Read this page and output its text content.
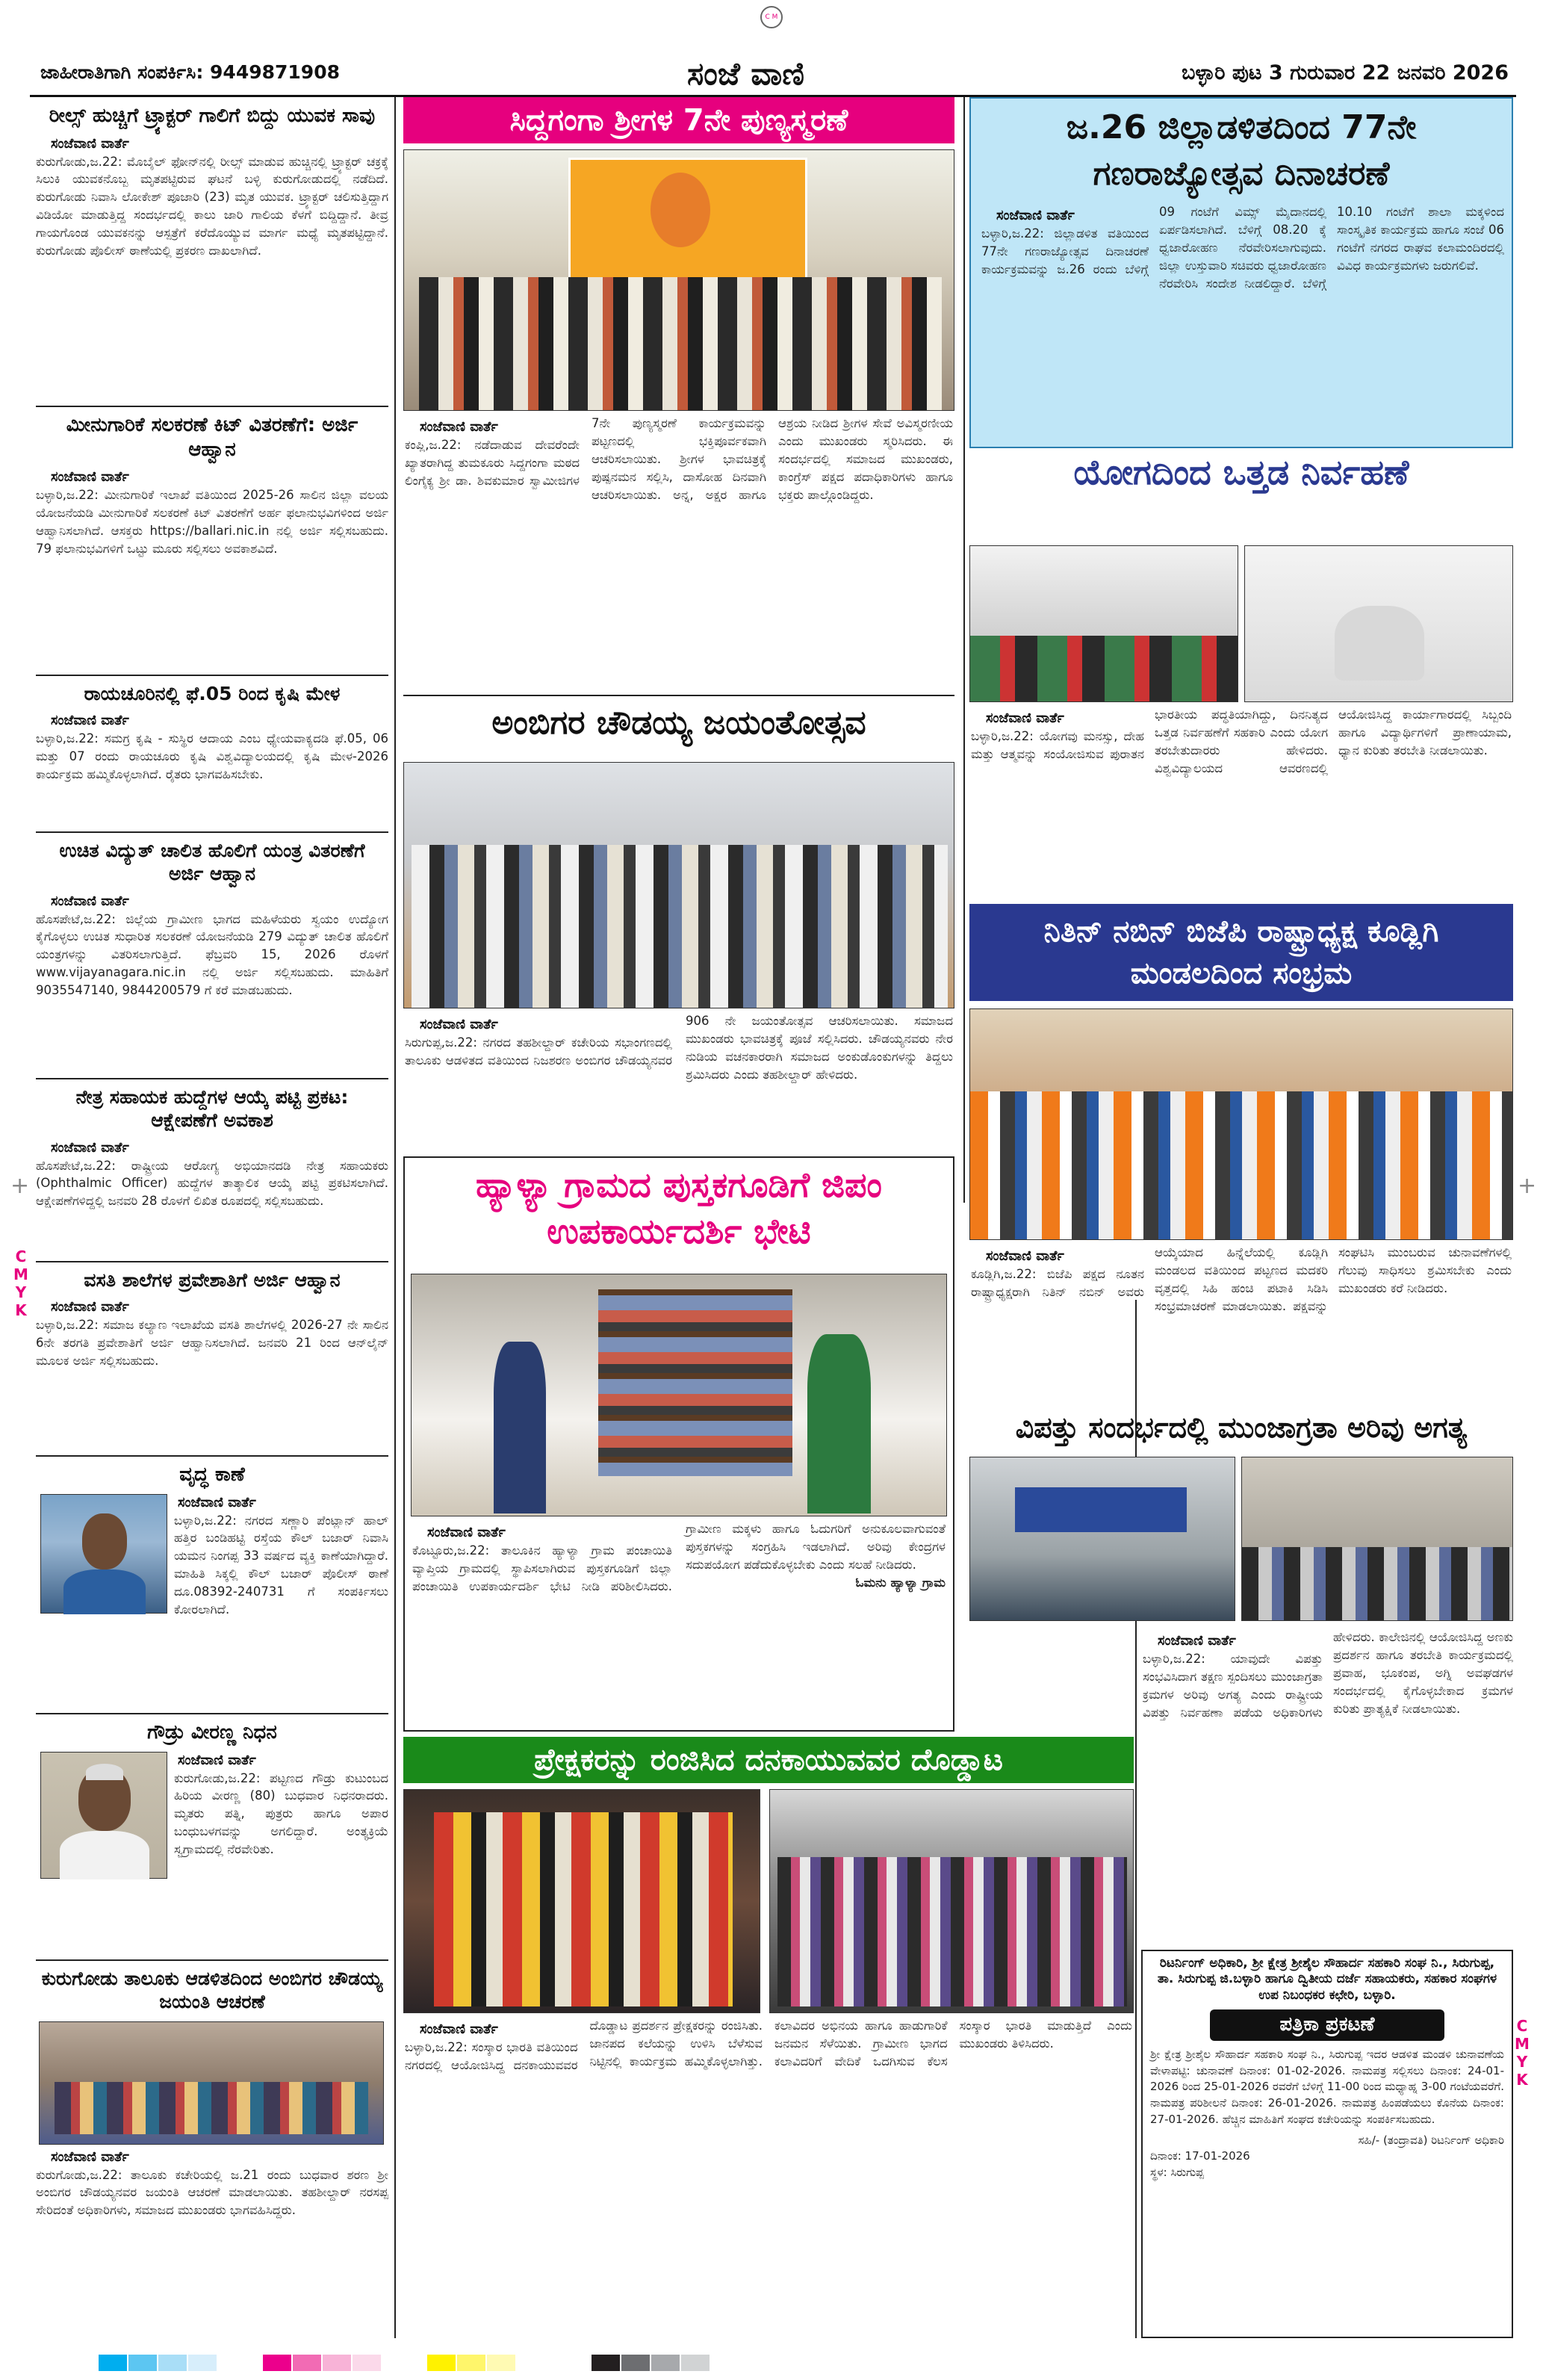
C M

ಜಾಹೀರಾತಿಗಾಗಿ ಸಂಪರ್ಕಿಸಿ: 9449871908	ಸಂಜೆ ವಾಣಿ	ಬಳ್ಳಾರಿ ಪುಟ 3 ಗುರುವಾರ 22 ಜನವರಿ 2026
ರೀಲ್ಸ್ ಹುಚ್ಚಿಗೆ ಟ್ರ್ಯಾಕ್ಟರ್ ಗಾಲಿಗೆ ಬಿದ್ದು ಯುವಕ ಸಾವು
ಸಂಜೆವಾಣಿ ವಾರ್ತೆ
ಕುರುಗೋಡು,ಜ.22: ಮೊಬೈಲ್ ಫೋನ್‌ನಲ್ಲಿ ರೀಲ್ಸ್ ಮಾಡುವ ಹುಚ್ಚಿನಲ್ಲಿ ಟ್ರ್ಯಾಕ್ಟರ್ ಚಕ್ರಕ್ಕೆ ಸಿಲುಕಿ ಯುವಕನೊಬ್ಬ ಮೃತಪಟ್ಟಿರುವ ಘಟನೆ ಬಳ್ಳಿ ಕುರುಗೋಡುದಲ್ಲಿ ನಡೆದಿದೆ. ಕುರುಗೋಡು ನಿವಾಸಿ ಲೋಕೇಶ್ ಪೂಜಾರಿ (23) ಮೃತ ಯುವಕ. ಟ್ರ್ಯಾಕ್ಟರ್ ಚಲಿಸುತ್ತಿದ್ದಾಗ ವಿಡಿಯೋ ಮಾಡುತ್ತಿದ್ದ ಸಂದರ್ಭದಲ್ಲಿ ಕಾಲು ಜಾರಿ ಗಾಲಿಯ ಕೆಳಗೆ ಬಿದ್ದಿದ್ದಾನೆ. ತೀವ್ರ ಗಾಯಗೊಂಡ ಯುವಕನನ್ನು ಆಸ್ಪತ್ರೆಗೆ ಕರೆದೊಯ್ಯುವ ಮಾರ್ಗ ಮಧ್ಯೆ ಮೃತಪಟ್ಟಿದ್ದಾನೆ. ಕುರುಗೋಡು ಪೊಲೀಸ್ ಠಾಣೆಯಲ್ಲಿ ಪ್ರಕರಣ ದಾಖಲಾಗಿದೆ.
ಮೀನುಗಾರಿಕೆ ಸಲಕರಣೆ ಕಿಟ್ ವಿತರಣೆಗೆ: ಅರ್ಜಿ ಆಹ್ವಾನ
ಸಂಜೆವಾಣಿ ವಾರ್ತೆ
ಬಳ್ಳಾರಿ,ಜ.22: ಮೀನುಗಾರಿಕೆ ಇಲಾಖೆ ವತಿಯಿಂದ 2025-26 ಸಾಲಿನ ಜಿಲ್ಲಾ ವಲಯ ಯೋಜನೆಯಡಿ ಮೀನುಗಾರಿಕೆ ಸಲಕರಣೆ ಕಿಟ್ ವಿತರಣೆಗೆ ಅರ್ಹ ಫಲಾನುಭವಿಗಳಿಂದ ಅರ್ಜಿ ಆಹ್ವಾನಿಸಲಾಗಿದೆ. ಆಸಕ್ತರು https://ballari.nic.in ನಲ್ಲಿ ಅರ್ಜಿ ಸಲ್ಲಿಸಬಹುದು. 79 ಫಲಾನುಭವಿಗಳಿಗೆ ಒಟ್ಟು ಮೂರು ಸಲ್ಲಿಸಲು ಅವಕಾಶವಿದೆ.
ರಾಯಚೂರಿನಲ್ಲಿ ಫೆ.05 ರಿಂದ ಕೃಷಿ ಮೇಳ
ಸಂಜೆವಾಣಿ ವಾರ್ತೆ
ಬಳ್ಳಾರಿ,ಜ.22: ಸಮಗ್ರ ಕೃಷಿ - ಸುಸ್ಥಿರ ಆದಾಯ ಎಂಬ ಧ್ಯೇಯವಾಕ್ಯದಡಿ ಫೆ.05, 06 ಮತ್ತು 07 ರಂದು ರಾಯಚೂರು ಕೃಷಿ ವಿಶ್ವವಿದ್ಯಾಲಯದಲ್ಲಿ ಕೃಷಿ ಮೇಳ-2026 ಕಾರ್ಯಕ್ರಮ ಹಮ್ಮಿಕೊಳ್ಳಲಾಗಿದೆ. ರೈತರು ಭಾಗವಹಿಸಬೇಕು.
ಉಚಿತ ವಿದ್ಯುತ್ ಚಾಲಿತ ಹೊಲಿಗೆ ಯಂತ್ರ ವಿತರಣೆಗೆ ಅರ್ಜಿ ಆಹ್ವಾನ
ಸಂಜೆವಾಣಿ ವಾರ್ತೆ
ಹೊಸಪೇಟೆ,ಜ.22: ಜಿಲ್ಲೆಯ ಗ್ರಾಮೀಣ ಭಾಗದ ಮಹಿಳೆಯರು ಸ್ವಯಂ ಉದ್ಯೋಗ ಕೈಗೊಳ್ಳಲು ಉಚಿತ ಸುಧಾರಿತ ಸಲಕರಣೆ ಯೋಜನೆಯಡಿ 279 ವಿದ್ಯುತ್ ಚಾಲಿತ ಹೊಲಿಗೆ ಯಂತ್ರಗಳನ್ನು ವಿತರಿಸಲಾಗುತ್ತಿದೆ. ಫೆಬ್ರವರಿ 15, 2026 ರೊಳಗೆ www.vijayanagara.nic.in ನಲ್ಲಿ ಅರ್ಜಿ ಸಲ್ಲಿಸಬಹುದು. ಮಾಹಿತಿಗೆ 9035547140, 9844200579 ಗೆ ಕರೆ ಮಾಡಬಹುದು.
ನೇತ್ರ ಸಹಾಯಕ ಹುದ್ದೆಗಳ ಆಯ್ಕೆ ಪಟ್ಟಿ ಪ್ರಕಟ: ಆಕ್ಷೇಪಣೆಗೆ ಅವಕಾಶ
ಸಂಜೆವಾಣಿ ವಾರ್ತೆ
ಹೊಸಪೇಟೆ,ಜ.22: ರಾಷ್ಟ್ರೀಯ ಆರೋಗ್ಯ ಅಭಿಯಾನದಡಿ ನೇತ್ರ ಸಹಾಯಕರು (Ophthalmic Officer) ಹುದ್ದೆಗಳ ತಾತ್ಕಾಲಿಕ ಆಯ್ಕೆ ಪಟ್ಟಿ ಪ್ರಕಟಿಸಲಾಗಿದೆ. ಆಕ್ಷೇಪಣೆಗಳಿದ್ದಲ್ಲಿ ಜನವರಿ 28 ರೊಳಗೆ ಲಿಖಿತ ರೂಪದಲ್ಲಿ ಸಲ್ಲಿಸಬಹುದು.
ವಸತಿ ಶಾಲೆಗಳ ಪ್ರವೇಶಾತಿಗೆ ಅರ್ಜಿ ಆಹ್ವಾನ
ಸಂಜೆವಾಣಿ ವಾರ್ತೆ
ಬಳ್ಳಾರಿ,ಜ.22: ಸಮಾಜ ಕಲ್ಯಾಣ ಇಲಾಖೆಯ ವಸತಿ ಶಾಲೆಗಳಲ್ಲಿ 2026-27 ನೇ ಸಾಲಿನ 6ನೇ ತರಗತಿ ಪ್ರವೇಶಾತಿಗೆ ಅರ್ಜಿ ಆಹ್ವಾನಿಸಲಾಗಿದೆ. ಜನವರಿ 21 ರಿಂದ ಆನ್‌ಲೈನ್ ಮೂಲಕ ಅರ್ಜಿ ಸಲ್ಲಿಸಬಹುದು.
ವೃದ್ಧ ಕಾಣೆ
ಸಂಜೆವಾಣಿ ವಾರ್ತೆ
ಬಳ್ಳಾರಿ,ಜ.22: ನಗರದ ಸಣ್ಣಾರಿ ಪೆಂಟ್ಲಾನ್ ಹಾಲ್ ಹತ್ತಿರ ಬಂಡಿಹಟ್ಟಿ ರಸ್ತೆಯ ಕೌಲ್ ಬಜಾರ್ ನಿವಾಸಿ ಯಮನ ನಿಂಗಪ್ಪ 33 ವರ್ಷದ ವ್ಯಕ್ತಿ ಕಾಣೆಯಾಗಿದ್ದಾರೆ. ಮಾಹಿತಿ ಸಿಕ್ಕಲ್ಲಿ ಕೌಲ್ ಬಜಾರ್ ಪೊಲೀಸ್ ಠಾಣೆ ದೂ.08392-240731 ಗೆ ಸಂಪರ್ಕಿಸಲು ಕೋರಲಾಗಿದೆ.
ಗೌಡ್ರು ವೀರಣ್ಣ ನಿಧನ
ಸಂಜೆವಾಣಿ ವಾರ್ತೆ
ಕುರುಗೋಡು,ಜ.22: ಪಟ್ಟಣದ ಗೌಡ್ರು ಕುಟುಂಬದ ಹಿರಿಯ ವೀರಣ್ಣ (80) ಬುಧವಾರ ನಿಧನರಾದರು. ಮೃತರು ಪತ್ನಿ, ಪುತ್ರರು ಹಾಗೂ ಅಪಾರ ಬಂಧುಬಳಗವನ್ನು ಅಗಲಿದ್ದಾರೆ. ಅಂತ್ಯಕ್ರಿಯೆ ಸ್ವಗ್ರಾಮದಲ್ಲಿ ನೆರವೇರಿತು.
ಕುರುಗೋಡು ತಾಲೂಕು ಆಡಳಿತದಿಂದ ಅಂಬಿಗರ ಚೌಡಯ್ಯ ಜಯಂತಿ ಆಚರಣೆ
ಸಂಜೆವಾಣಿ ವಾರ್ತೆ
ಕುರುಗೋಡು,ಜ.22: ತಾಲೂಕು ಕಚೇರಿಯಲ್ಲಿ ಜ.21 ರಂದು ಬುಧವಾರ ಶರಣ ಶ್ರೀ ಅಂಬಿಗರ ಚೌಡಯ್ಯನವರ ಜಯಂತಿ ಆಚರಣೆ ಮಾಡಲಾಯಿತು. ತಹಶೀಲ್ದಾರ್ ನರಸಪ್ಪ ಸೇರಿದಂತೆ ಅಧಿಕಾರಿಗಳು, ಸಮಾಜದ ಮುಖಂಡರು ಭಾಗವಹಿಸಿದ್ದರು.
ಸಿದ್ದಗಂಗಾ ಶ್ರೀಗಳ 7ನೇ ಪುಣ್ಯಸ್ಮರಣೆ
ಸಂಜೆವಾಣಿ ವಾರ್ತೆ
ಕಂಪ್ಲಿ,ಜ.22: ನಡೆದಾಡುವ ದೇವರೆಂದೇ ಖ್ಯಾತರಾಗಿದ್ದ ತುಮಕೂರು ಸಿದ್ದಗಂಗಾ ಮಠದ ಲಿಂಗೈಕ್ಯ ಶ್ರೀ ಡಾ. ಶಿವಕುಮಾರ ಸ್ವಾಮೀಜಿಗಳ 7ನೇ ಪುಣ್ಯಸ್ಮರಣೆ ಕಾರ್ಯಕ್ರಮವನ್ನು ಪಟ್ಟಣದಲ್ಲಿ ಭಕ್ತಿಪೂರ್ವಕವಾಗಿ ಆಚರಿಸಲಾಯಿತು. ಶ್ರೀಗಳ ಭಾವಚಿತ್ರಕ್ಕೆ ಪುಷ್ಪನಮನ ಸಲ್ಲಿಸಿ, ದಾಸೋಹ ದಿನವಾಗಿ ಆಚರಿಸಲಾಯಿತು. ಅನ್ನ, ಅಕ್ಷರ ಹಾಗೂ ಆಶ್ರಯ ನೀಡಿದ ಶ್ರೀಗಳ ಸೇವೆ ಅವಿಸ್ಮರಣೀಯ ಎಂದು ಮುಖಂಡರು ಸ್ಮರಿಸಿದರು. ಈ ಸಂದರ್ಭದಲ್ಲಿ ಸಮಾಜದ ಮುಖಂಡರು, ಕಾಂಗ್ರೆಸ್ ಪಕ್ಷದ ಪದಾಧಿಕಾರಿಗಳು ಹಾಗೂ ಭಕ್ತರು ಪಾಲ್ಗೊಂಡಿದ್ದರು.
ಅಂಬಿಗರ ಚೌಡಯ್ಯ ಜಯಂತೋತ್ಸವ
ಸಂಜೆವಾಣಿ ವಾರ್ತೆ
ಸಿರುಗುಪ್ಪ,ಜ.22: ನಗರದ ತಹಶೀಲ್ದಾರ್ ಕಚೇರಿಯ ಸಭಾಂಗಣದಲ್ಲಿ ತಾಲೂಕು ಆಡಳಿತದ ವತಿಯಿಂದ ನಿಜಶರಣ ಅಂಬಿಗರ ಚೌಡಯ್ಯನವರ 906 ನೇ ಜಯಂತೋತ್ಸವ ಆಚರಿಸಲಾಯಿತು. ಸಮಾಜದ ಮುಖಂಡರು ಭಾವಚಿತ್ರಕ್ಕೆ ಪೂಜೆ ಸಲ್ಲಿಸಿದರು. ಚೌಡಯ್ಯನವರು ನೇರ ನುಡಿಯ ವಚನಕಾರರಾಗಿ ಸಮಾಜದ ಅಂಕುಡೊಂಕುಗಳನ್ನು ತಿದ್ದಲು ಶ್ರಮಿಸಿದರು ಎಂದು ತಹಶೀಲ್ದಾರ್ ಹೇಳಿದರು.
ಹ್ಯಾಳ್ಯಾ ಗ್ರಾಮದ ಪುಸ್ತಕಗೂಡಿಗೆ ಜಿಪಂ ಉಪಕಾರ್ಯದರ್ಶಿ ಭೇಟಿ
ಸಂಜೆವಾಣಿ ವಾರ್ತೆ
ಕೊಟ್ಟೂರು,ಜ.22: ತಾಲೂಕಿನ ಹ್ಯಾಳ್ಯಾ ಗ್ರಾಮ ಪಂಚಾಯಿತಿ ವ್ಯಾಪ್ತಿಯ ಗ್ರಾಮದಲ್ಲಿ ಸ್ಥಾಪಿಸಲಾಗಿರುವ ಪುಸ್ತಕಗೂಡಿಗೆ ಜಿಲ್ಲಾ ಪಂಚಾಯಿತಿ ಉಪಕಾರ್ಯದರ್ಶಿ ಭೇಟಿ ನೀಡಿ ಪರಿಶೀಲಿಸಿದರು. ಗ್ರಾಮೀಣ ಮಕ್ಕಳು ಹಾಗೂ ಓದುಗರಿಗೆ ಅನುಕೂಲವಾಗುವಂತೆ ಪುಸ್ತಕಗಳನ್ನು ಸಂಗ್ರಹಿಸಿ ಇಡಲಾಗಿದೆ. ಅರಿವು ಕೇಂದ್ರಗಳ ಸದುಪಯೋಗ ಪಡೆದುಕೊಳ್ಳಬೇಕು ಎಂದು ಸಲಹೆ ನೀಡಿದರು.
ಓಮನು ಹ್ಯಾಳ್ಯಾ ಗ್ರಾಮ
ಪ್ರೇಕ್ಷಕರನ್ನು ರಂಜಿಸಿದ ದನಕಾಯುವವರ ದೊಡ್ಡಾಟ
ಸಂಜೆವಾಣಿ ವಾರ್ತೆ
ಬಳ್ಳಾರಿ,ಜ.22: ಸಂಸ್ಕಾರ ಭಾರತಿ ವತಿಯಿಂದ ನಗರದಲ್ಲಿ ಆಯೋಜಿಸಿದ್ದ ದನಕಾಯುವವರ ದೊಡ್ಡಾಟ ಪ್ರದರ್ಶನ ಪ್ರೇಕ್ಷಕರನ್ನು ರಂಜಿಸಿತು. ಜಾನಪದ ಕಲೆಯನ್ನು ಉಳಿಸಿ ಬೆಳೆಸುವ ನಿಟ್ಟಿನಲ್ಲಿ ಕಾರ್ಯಕ್ರಮ ಹಮ್ಮಿಕೊಳ್ಳಲಾಗಿತ್ತು. ಕಲಾವಿದರ ಅಭಿನಯ ಹಾಗೂ ಹಾಡುಗಾರಿಕೆ ಜನಮನ ಸೆಳೆಯಿತು. ಗ್ರಾಮೀಣ ಭಾಗದ ಕಲಾವಿದರಿಗೆ ವೇದಿಕೆ ಒದಗಿಸುವ ಕೆಲಸ ಸಂಸ್ಕಾರ ಭಾರತಿ ಮಾಡುತ್ತಿದೆ ಎಂದು ಮುಖಂಡರು ತಿಳಿಸಿದರು.
ಜ.26 ಜಿಲ್ಲಾಡಳಿತದಿಂದ 77ನೇ ಗಣರಾಜ್ಯೋತ್ಸವ ದಿನಾಚರಣೆ
ಸಂಜೆವಾಣಿ ವಾರ್ತೆ
ಬಳ್ಳಾರಿ,ಜ.22: ಜಿಲ್ಲಾಡಳಿತ ವತಿಯಿಂದ 77ನೇ ಗಣರಾಜ್ಯೋತ್ಸವ ದಿನಾಚರಣೆ ಕಾರ್ಯಕ್ರಮವನ್ನು ಜ.26 ರಂದು ಬೆಳಿಗ್ಗೆ 09 ಗಂಟೆಗೆ ವಿಮ್ಸ್ ಮೈದಾನದಲ್ಲಿ ಏರ್ಪಡಿಸಲಾಗಿದೆ. ಬೆಳಿಗ್ಗೆ 08.20 ಕ್ಕೆ ಧ್ವಜಾರೋಹಣ ನೆರವೇರಿಸಲಾಗುವುದು. ಜಿಲ್ಲಾ ಉಸ್ತುವಾರಿ ಸಚಿವರು ಧ್ವಜಾರೋಹಣ ನೆರವೇರಿಸಿ ಸಂದೇಶ ನೀಡಲಿದ್ದಾರೆ. ಬೆಳಿಗ್ಗೆ 10.10 ಗಂಟೆಗೆ ಶಾಲಾ ಮಕ್ಕಳಿಂದ ಸಾಂಸ್ಕೃತಿಕ ಕಾರ್ಯಕ್ರಮ ಹಾಗೂ ಸಂಜೆ 06 ಗಂಟೆಗೆ ನಗರದ ರಾಘವ ಕಲಾಮಂದಿರದಲ್ಲಿ ವಿವಿಧ ಕಾರ್ಯಕ್ರಮಗಳು ಜರುಗಲಿವೆ.
ಯೋಗದಿಂದ ಒತ್ತಡ ನಿರ್ವಹಣೆ
ಸಂಜೆವಾಣಿ ವಾರ್ತೆ
ಬಳ್ಳಾರಿ,ಜ.22: ಯೋಗವು ಮನಸ್ಸು, ದೇಹ ಮತ್ತು ಆತ್ಮವನ್ನು ಸಂಯೋಜಿಸುವ ಪುರಾತನ ಭಾರತೀಯ ಪದ್ಧತಿಯಾಗಿದ್ದು, ದಿನನಿತ್ಯದ ಒತ್ತಡ ನಿರ್ವಹಣೆಗೆ ಸಹಕಾರಿ ಎಂದು ಯೋಗ ತರಬೇತುದಾರರು ಹೇಳಿದರು. ವಿಶ್ವವಿದ್ಯಾಲಯದ ಆವರಣದಲ್ಲಿ ಆಯೋಜಿಸಿದ್ದ ಕಾರ್ಯಾಗಾರದಲ್ಲಿ ಸಿಬ್ಬಂದಿ ಹಾಗೂ ವಿದ್ಯಾರ್ಥಿಗಳಿಗೆ ಪ್ರಾಣಾಯಾಮ, ಧ್ಯಾನ ಕುರಿತು ತರಬೇತಿ ನೀಡಲಾಯಿತು.
ನಿತಿನ್ ನಬಿನ್ ಬಿಜೆಪಿ ರಾಷ್ಟ್ರಾಧ್ಯಕ್ಷ ಕೂಡ್ಲಿಗಿ ಮಂಡಲದಿಂದ ಸಂಭ್ರಮ
ಸಂಜೆವಾಣಿ ವಾರ್ತೆ
ಕೂಡ್ಲಿಗಿ,ಜ.22: ಬಿಜೆಪಿ ಪಕ್ಷದ ನೂತನ ರಾಷ್ಟ್ರಾಧ್ಯಕ್ಷರಾಗಿ ನಿತಿನ್ ನಬಿನ್ ಅವರು ಆಯ್ಕೆಯಾದ ಹಿನ್ನೆಲೆಯಲ್ಲಿ ಕೂಡ್ಲಿಗಿ ಮಂಡಲದ ವತಿಯಿಂದ ಪಟ್ಟಣದ ಮದಕರಿ ವೃತ್ತದಲ್ಲಿ ಸಿಹಿ ಹಂಚಿ ಪಟಾಕಿ ಸಿಡಿಸಿ ಸಂಭ್ರಮಾಚರಣೆ ಮಾಡಲಾಯಿತು. ಪಕ್ಷವನ್ನು ಸಂಘಟಿಸಿ ಮುಂಬರುವ ಚುನಾವಣೆಗಳಲ್ಲಿ ಗೆಲುವು ಸಾಧಿಸಲು ಶ್ರಮಿಸಬೇಕು ಎಂದು ಮುಖಂಡರು ಕರೆ ನೀಡಿದರು.
ವಿಪತ್ತು ಸಂದರ್ಭದಲ್ಲಿ ಮುಂಜಾಗ್ರತಾ ಅರಿವು ಅಗತ್ಯ
ಸಂಜೆವಾಣಿ ವಾರ್ತೆ
ಬಳ್ಳಾರಿ,ಜ.22: ಯಾವುದೇ ವಿಪತ್ತು ಸಂಭವಿಸಿದಾಗ ತಕ್ಷಣ ಸ್ಪಂದಿಸಲು ಮುಂಜಾಗ್ರತಾ ಕ್ರಮಗಳ ಅರಿವು ಅಗತ್ಯ ಎಂದು ರಾಷ್ಟ್ರೀಯ ವಿಪತ್ತು ನಿರ್ವಹಣಾ ಪಡೆಯ ಅಧಿಕಾರಿಗಳು ಹೇಳಿದರು. ಕಾಲೇಜಿನಲ್ಲಿ ಆಯೋಜಿಸಿದ್ದ ಅಣಕು ಪ್ರದರ್ಶನ ಹಾಗೂ ತರಬೇತಿ ಕಾರ್ಯಕ್ರಮದಲ್ಲಿ ಪ್ರವಾಹ, ಭೂಕಂಪ, ಅಗ್ನಿ ಅವಘಡಗಳ ಸಂದರ್ಭದಲ್ಲಿ ಕೈಗೊಳ್ಳಬೇಕಾದ ಕ್ರಮಗಳ ಕುರಿತು ಪ್ರಾತ್ಯಕ್ಷಿಕೆ ನೀಡಲಾಯಿತು.
ರಿಟರ್ನಿಂಗ್ ಅಧಿಕಾರಿ, ಶ್ರೀ ಕ್ಷೇತ್ರ ಶ್ರೀಶೈಲ ಸೌಹಾರ್ದ ಸಹಕಾರಿ ಸಂಘ ನಿ., ಸಿರುಗುಪ್ಪ, ತಾ. ಸಿರುಗುಪ್ಪ ಜಿ.ಬಳ್ಳಾರಿ ಹಾಗೂ ದ್ವಿತೀಯ ದರ್ಜೆ ಸಹಾಯಕರು, ಸಹಕಾರ ಸಂಘಗಳ ಉಪ ನಿಬಂಧಕರ ಕಛೇರಿ, ಬಳ್ಳಾರಿ.
ಪತ್ರಿಕಾ ಪ್ರಕಟಣೆ
ಶ್ರೀ ಕ್ಷೇತ್ರ ಶ್ರೀಶೈಲ ಸೌಹಾರ್ದ ಸಹಕಾರಿ ಸಂಘ ನಿ., ಸಿರುಗುಪ್ಪ ಇದರ ಆಡಳಿತ ಮಂಡಳಿ ಚುನಾವಣೆಯ ವೇಳಾಪಟ್ಟಿ: ಚುನಾವಣೆ ದಿನಾಂಕ: 01-02-2026. ನಾಮಪತ್ರ ಸಲ್ಲಿಸಲು ದಿನಾಂಕ: 24-01-2026 ರಿಂದ 25-01-2026 ರವರೆಗೆ ಬೆಳಿಗ್ಗೆ 11-00 ರಿಂದ ಮಧ್ಯಾಹ್ನ 3-00 ಗಂಟೆಯವರೆಗೆ. ನಾಮಪತ್ರ ಪರಿಶೀಲನೆ ದಿನಾಂಕ: 26-01-2026. ನಾಮಪತ್ರ ಹಿಂಪಡೆಯಲು ಕೊನೆಯ ದಿನಾಂಕ: 27-01-2026. ಹೆಚ್ಚಿನ ಮಾಹಿತಿಗೆ ಸಂಘದ ಕಚೇರಿಯನ್ನು ಸಂಪರ್ಕಿಸಬಹುದು.
ಸಹಿ/- (ತಂದ್ರಾವತಿ) ರಿಟರ್ನಿಂಗ್ ಅಧಿಕಾರಿ
ದಿನಾಂಕ: 17-01-2026
ಸ್ಥಳ: ಸಿರುಗುಪ್ಪ
CMYK
CMYK
+	+
